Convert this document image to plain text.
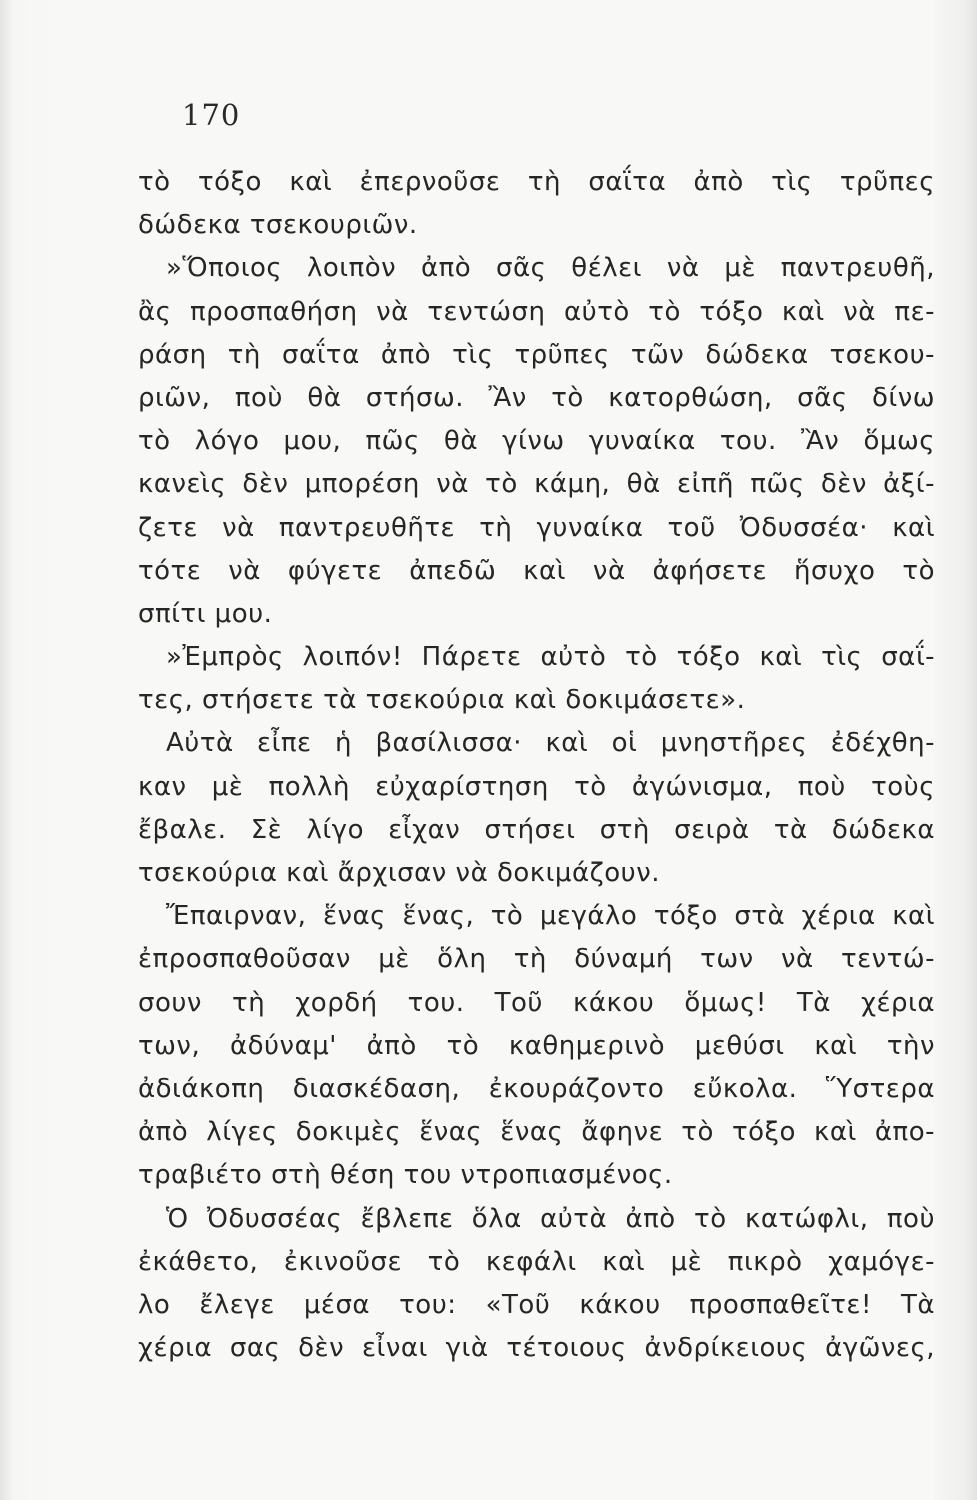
170
τὸ τόξο καὶ ἐπερνοῦσε τὴ σαΐτα ἀπὸ τὶς τρῦπες
δώδεκα τσεκουριῶν.
»Ὅποιος λοιπὸν ἀπὸ σᾶς θέλει νὰ μὲ παντρευθῆ,
ἂς προσπαθήση νὰ τεντώση αὐτὸ τὸ τόξο καὶ νὰ πε-
ράση τὴ σαΐτα ἀπὸ τὶς τρῦπες τῶν δώδεκα τσεκου-
ριῶν, ποὺ θὰ στήσω. Ἂν τὸ κατορθώση, σᾶς δίνω
τὸ λόγο μου, πῶς θὰ γίνω γυναίκα του. Ἂν ὅμως
κανεὶς δὲν μπορέση νὰ τὸ κάμη, θὰ εἰπῆ πῶς δὲν ἀξί-
ζετε νὰ παντρευθῆτε τὴ γυναίκα τοῦ Ὀδυσσέα· καὶ
τότε νὰ φύγετε ἀπεδῶ καὶ νὰ ἀφήσετε ἥσυχο τὸ
σπίτι μου.
»Ἐμπρὸς λοιπόν! Πάρετε αὐτὸ τὸ τόξο καὶ τὶς σαΐ-
τες, στήσετε τὰ τσεκούρια καὶ δοκιμάσετε».
Αὐτὰ εἶπε ἡ βασίλισσα· καὶ οἱ μνηστῆρες ἐδέχθη-
καν μὲ πολλὴ εὐχαρίστηση τὸ ἀγώνισμα, ποὺ τοὺς
ἔβαλε. Σὲ λίγο εἶχαν στήσει στὴ σειρὰ τὰ δώδεκα
τσεκούρια καὶ ἄρχισαν νὰ δοκιμάζουν.
Ἔπαιρναν, ἕνας ἕνας, τὸ μεγάλο τόξο στὰ χέρια καὶ
ἐπροσπαθοῦσαν μὲ ὅλη τὴ δύναμή των νὰ τεντώ-
σουν τὴ χορδή του. Τοῦ κάκου ὅμως! Τὰ χέρια
των, ἀδύναμ' ἀπὸ τὸ καθημερινὸ μεθύσι καὶ τὴν
ἀδιάκοπη διασκέδαση, ἐκουράζοντο εὔκολα. Ὕστερα
ἀπὸ λίγες δοκιμὲς ἕνας ἕνας ἄφηνε τὸ τόξο καὶ ἀπο-
τραβιέτο στὴ θέση του ντροπιασμένος.
Ὁ Ὀδυσσέας ἔβλεπε ὅλα αὐτὰ ἀπὸ τὸ κατώφλι, ποὺ
ἐκάθετο, ἐκινοῦσε τὸ κεφάλι καὶ μὲ πικρὸ χαμόγε-
λο ἔλεγε μέσα του: «Τοῦ κάκου προσπαθεῖτε! Τὰ
χέρια σας δὲν εἶναι γιὰ τέτοιους ἀνδρίκειους ἀγῶνες,
